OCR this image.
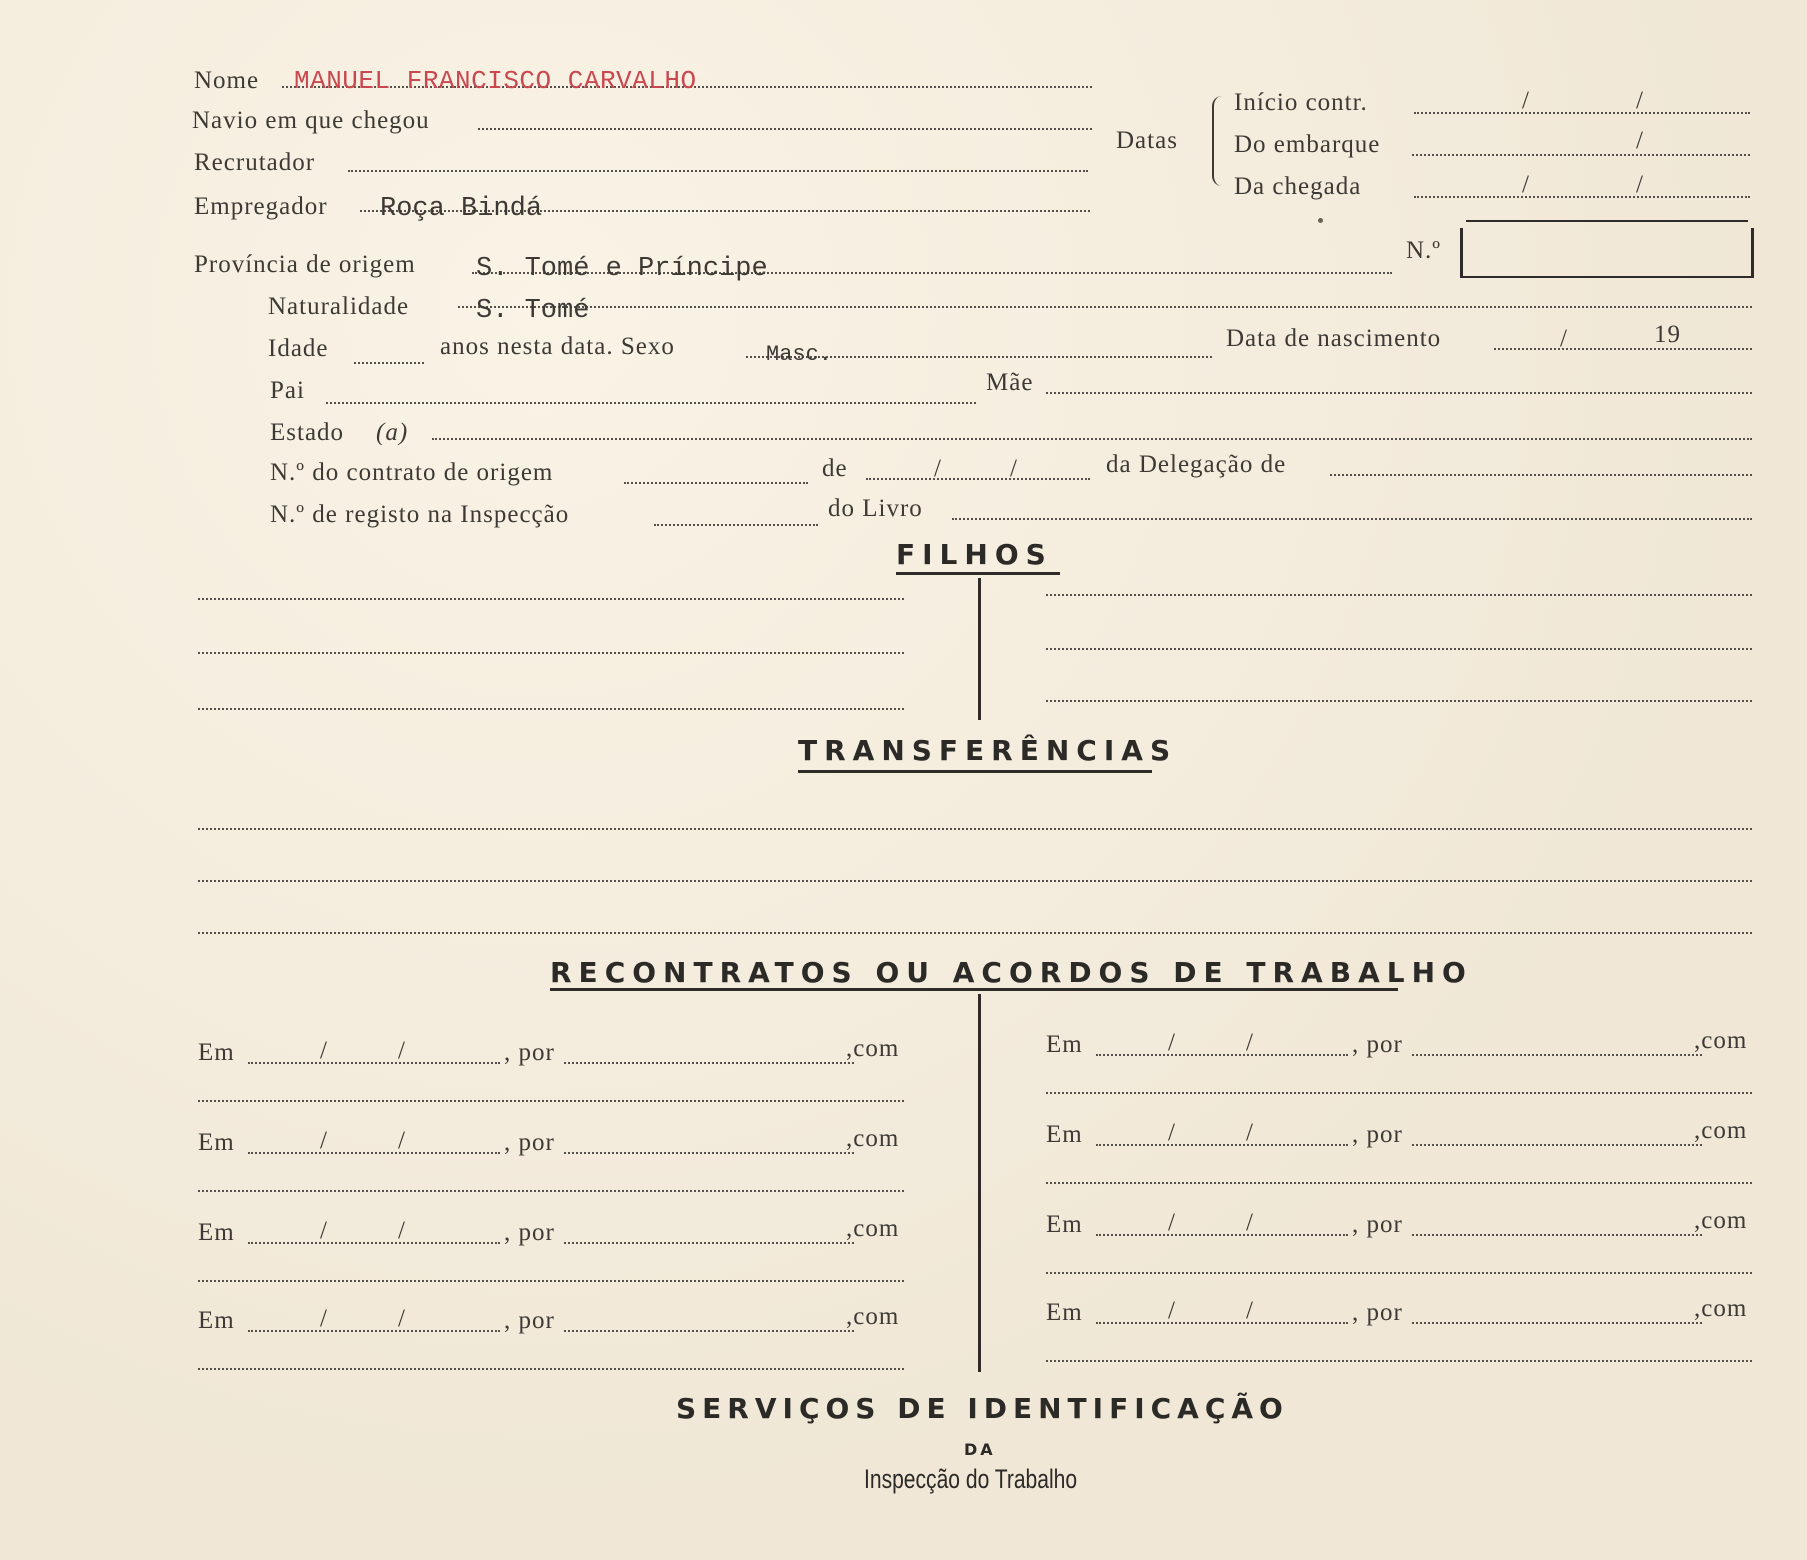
Nome MANUEL FRANCISCO CARVALHO
Navio em que chegou
Recrutador
Empregador Roça Bindá
Datas
Início contr.	/	/
Do embarque	/
Da chegada	/	/
N.º
Província de origem S. Tomé e Príncipe
Naturalidade S. Tomé
Idade	anos nesta data. Sexo	Masc.
Data de nascimento	/	19
Pai	Mãe
Estado (a)
N.º do contrato de origem	de	/	/	da Delegação de
N.º de registo na Inspecção	do Livro
FILHOS
TRANSFERÊNCIAS
RECONTRATOS OU ACORDOS DE TRABALHO
Em	/	/	, por	,com
Em	/	/	, por	,com
Em	/	/	, por	,com
Em	/	/	, por	,com
Em	/	/	, por	,com
Em	/	/	, por	,com
Em	/	/	, por	,com
Em	/	/	, por	,com
SERVIÇOS DE IDENTIFICAÇÃO
DA
Inspecção do Trabalho
